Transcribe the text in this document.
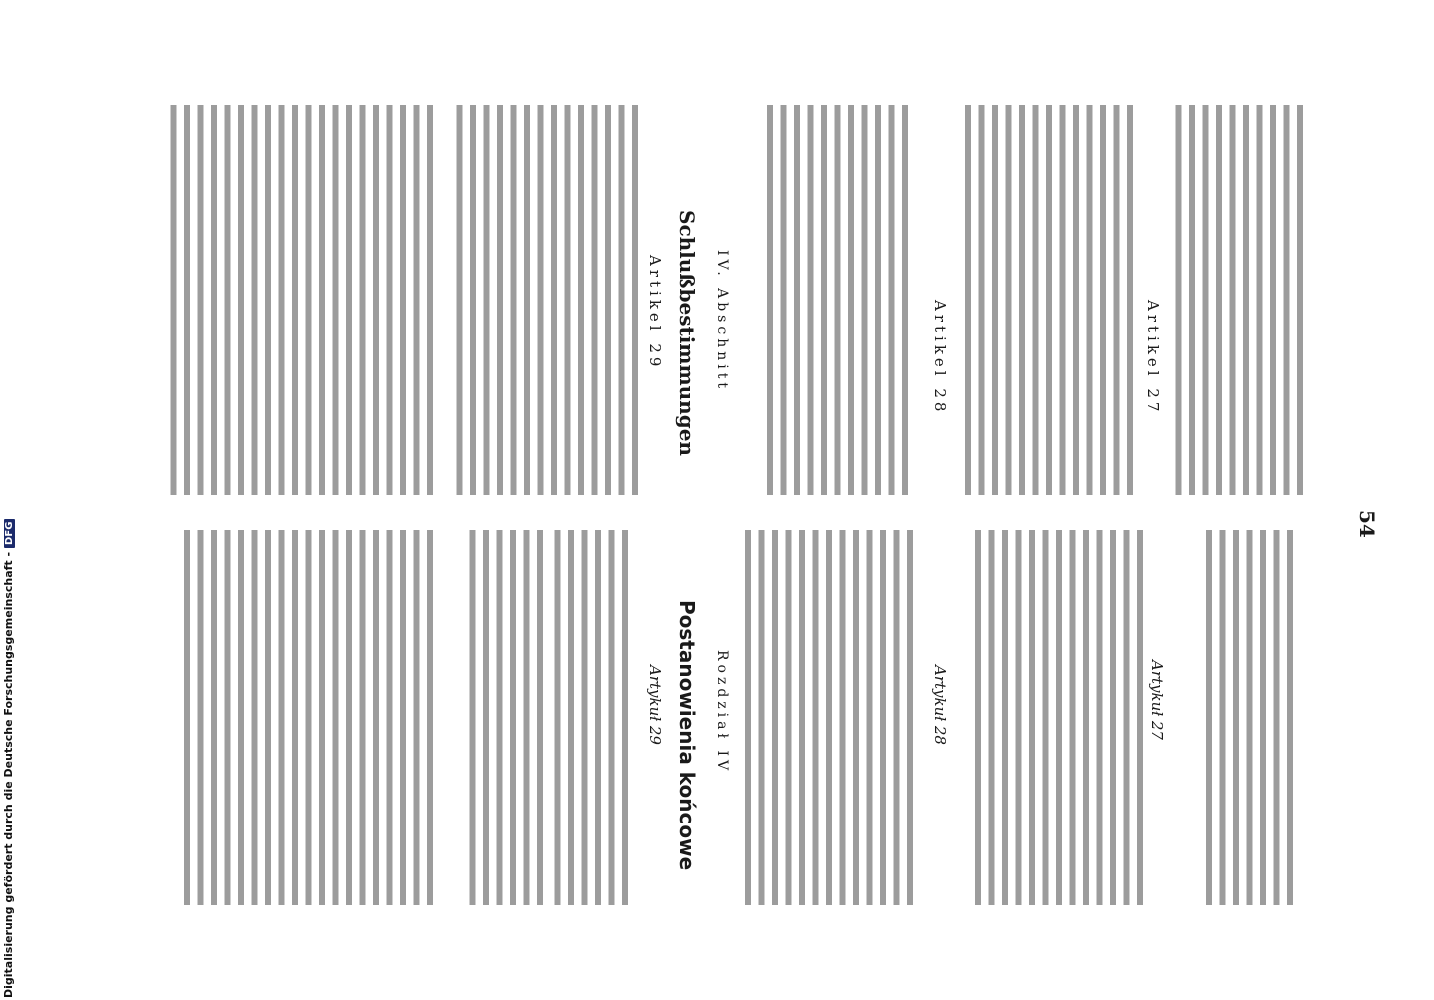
54
Rozdział IV
Postanowienia końcowe
IV. Abschnitt
Schlußbestimmungen
Artykuł 27
Artykuł 28
Artykuł 29
Artikel 27
Artikel 28
Artikel 29
Digitalisierung gefördert durch die Deutsche Forschungsgemeinschaft -DFG
